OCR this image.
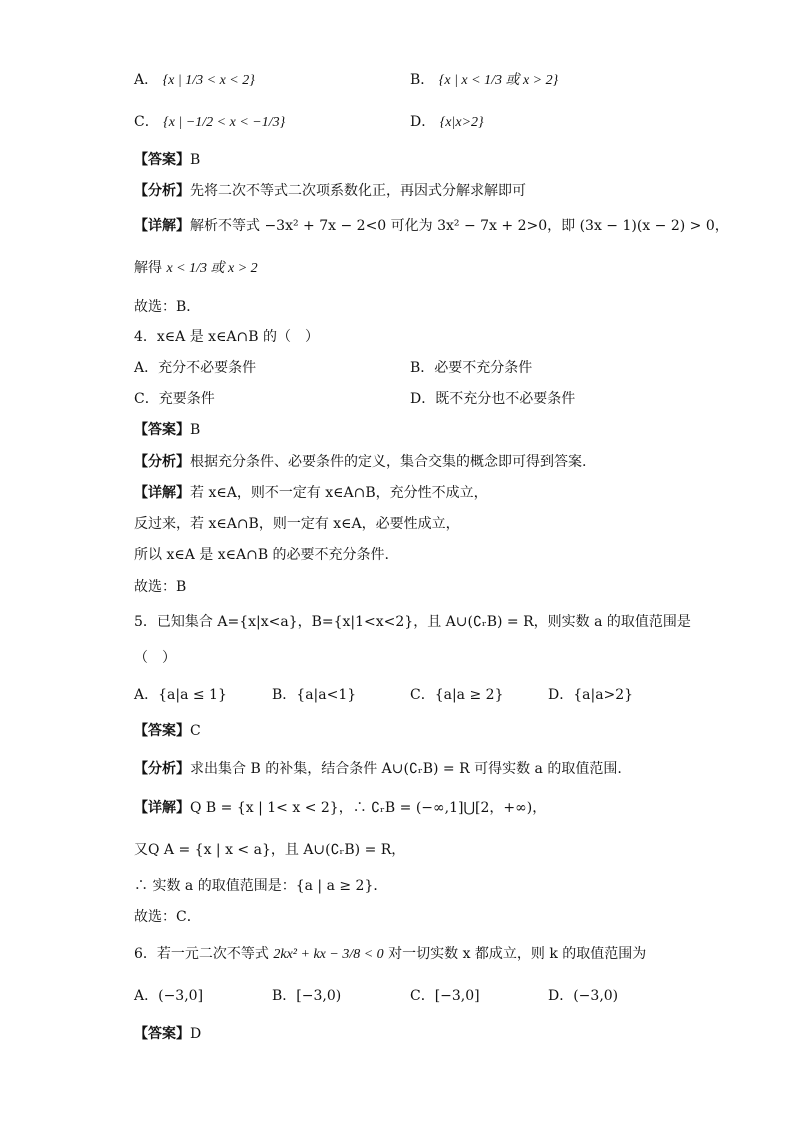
A． {x | 1/3 < x < 2}	B． {x | x < 1/3 或 x > 2}
C． {x | −1/2 < x < −1/3}	D． {x|x>2}
【答案】B
【分析】先将二次不等式二次项系数化正，再因式分解求解即可
【详解】解析不等式 −3x² + 7x − 2<0 可化为 3x² − 7x + 2>0，即 (3x − 1)(x − 2) > 0，
解得 x < 1/3 或 x > 2
故选：B．
4．x∈A 是 x∈A∩B 的（　）
A．充分不必要条件	B．必要不充分条件
C．充要条件	D．既不充分也不必要条件
【答案】B
【分析】根据充分条件、必要条件的定义，集合交集的概念即可得到答案.
【详解】若 x∈A，则不一定有 x∈A∩B，充分性不成立，
反过来，若 x∈A∩B，则一定有 x∈A，必要性成立，
所以 x∈A 是 x∈A∩B 的必要不充分条件.
故选：B
5．已知集合 A={x|x<a}，B={x|1<x<2}，且 A∪(∁ᵣB) = R，则实数 a 的取值范围是
（　）
A．{a|a ≤ 1}	B．{a|a<1}	C．{a|a ≥ 2}	D．{a|a>2}
【答案】C
【分析】求出集合 B 的补集，结合条件 A∪(∁ᵣB) = R 可得实数 a 的取值范围.
【详解】Q B = {x | 1< x < 2}，∴ ∁ᵣB = (−∞,1]⋃[2，+∞)，
又Q A = {x | x < a}，且 A∪(∁ᵣB) = R，
∴ 实数 a 的取值范围是：{a | a ≥ 2}．
故选：C．
6．若一元二次不等式 2kx² + kx − 3/8 < 0 对一切实数 x 都成立，则 k 的取值范围为
A．(−3,0]	B．[−3,0)	C．[−3,0]	D．(−3,0)
【答案】D
